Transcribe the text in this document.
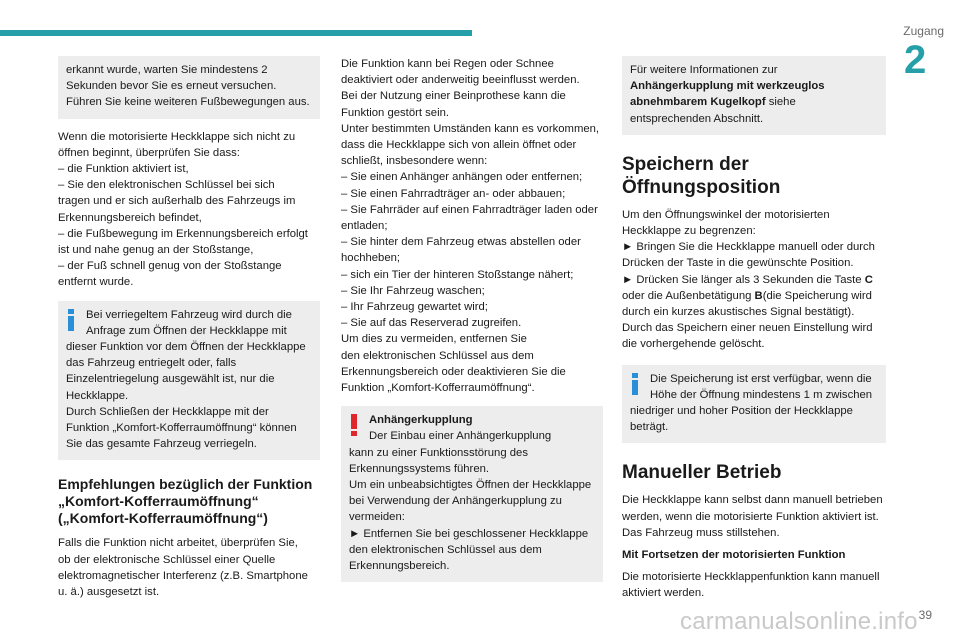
Zugang
2

erkannt wurde, warten Sie mindestens 2

Sekunden bevor Sie es erneut versuchen.

Führen Sie keine weiteren Fußbewegungen aus.

Wenn die motorisierte Heckklappe sich nicht zu

öffnen beginnt, überprüfen Sie dass:

– die Funktion aktiviert ist,

– Sie den elektronischen Schlüssel bei sich

tragen und er sich außerhalb des Fahrzeugs im

Erkennungsbereich befindet,

– die Fußbewegung im Erkennungsbereich erfolgt

ist und nahe genug an der Stoßstange,

– der Fuß schnell genug von der Stoßstange

entfernt wurde.

Bei verriegeltem Fahrzeug wird durch die

Anfrage zum Öffnen der Heckklappe mit

dieser Funktion vor dem Öffnen der Heckklappe

das Fahrzeug entriegelt oder, falls

Einzelentriegelung ausgewählt ist, nur die

Heckklappe.

Durch Schließen der Heckklappe mit der

Funktion „Komfort-Kofferraumöffnung“ können

Sie das gesamte Fahrzeug verriegeln.

Empfehlungen bezüglich der Funktion
„Komfort-Kofferraumöffnung“
(„Komfort-Kofferraumöffnung“)

Falls die Funktion nicht arbeitet, überprüfen Sie,

ob der elektronische Schlüssel einer Quelle

elektromagnetischer Interferenz (z.B. Smartphone

u. ä.) ausgesetzt ist.

Die Funktion kann bei Regen oder Schnee

deaktiviert oder anderweitig beeinflusst werden.

Bei der Nutzung einer Beinprothese kann die

Funktion gestört sein.

Unter bestimmten Umständen kann es vorkommen,

dass die Heckklappe sich von allein öffnet oder

schließt, insbesondere wenn:

– Sie einen Anhänger anhängen oder entfernen;

– Sie einen Fahrradträger an- oder abbauen;

– Sie Fahrräder auf einen Fahrradträger laden oder

entladen;

– Sie hinter dem Fahrzeug etwas abstellen oder

hochheben;

– sich ein Tier der hinteren Stoßstange nähert;

– Sie Ihr Fahrzeug waschen;

– Ihr Fahrzeug gewartet wird;

– Sie auf das Reserverad zugreifen.

Um dies zu vermeiden, entfernen Sie

den elektronischen Schlüssel aus dem

Erkennungsbereich oder deaktivieren Sie die

Funktion „Komfort-Kofferraumöffnung“.

Anhängerkupplung

Der Einbau einer Anhängerkupplung

kann zu einer Funktionsstörung des

Erkennungssystems führen.

Um ein unbeabsichtigtes Öffnen der Heckklappe

bei Verwendung der Anhängerkupplung zu

vermeiden:

► Entfernen Sie bei geschlossener Heckklappe

den elektronischen Schlüssel aus dem

Erkennungsbereich.

Für weitere Informationen zur

Anhängerkupplung mit werkzeuglos

abnehmbarem Kugelkopf siehe

entsprechenden Abschnitt.

Speichern der
Öffnungsposition

Um den Öffnungswinkel der motorisierten

Heckklappe zu begrenzen:

► Bringen Sie die Heckklappe manuell oder durch

Drücken der Taste in die gewünschte Position.

► Drücken Sie länger als 3 Sekunden die Taste C

oder die Außenbetätigung B(die Speicherung wird

durch ein kurzes akustisches Signal bestätigt).

Durch das Speichern einer neuen Einstellung wird

die vorhergehende gelöscht.

Die Speicherung ist erst verfügbar, wenn die

Höhe der Öffnung mindestens 1 m zwischen

niedriger und hoher Position der Heckklappe

beträgt.

Manueller Betrieb

Die Heckklappe kann selbst dann manuell betrieben

werden, wenn die motorisierte Funktion aktiviert ist.

Das Fahrzeug muss stillstehen.

Mit Fortsetzen der motorisierten Funktion

Die motorisierte Heckklappenfunktion kann manuell

aktiviert werden.

carmanualsonline.info 39
